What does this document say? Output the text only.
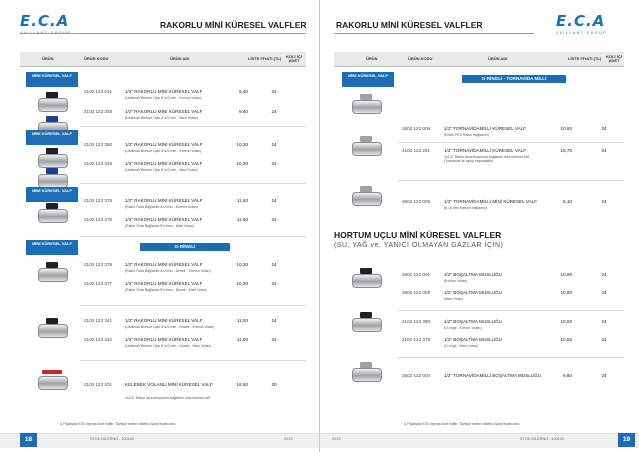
E.C.A	RAKORLU MİNİ KÜRESEL VALFLER
ÜRÜN	ÜRÜN KODU	ÜRÜN ADI	LİSTE FİYATI (TL) KOLİ İÇİ ADET
MİNİ KÜRESEL VALF
2102 122 031	1/2" RAKORLU MİNİ KÜRESEL VALF
(Uzatmalı Bortum Uçlu 8 iz/2 mm - Kırmızı Volan)
9,40	24
2102 122 348	1/2" RAKORLU MİNİ KÜRESEL VALF
(Uzatmalı Bortum Uçlu 8 iz/2 mm - Mavi Volan)
9,40	24
MİNİ KÜRESEL VALF
2102 122 350	1/2" RAKORLU MİNİ KÜRESEL VALF
(Uzatmalı Bortum Uçlu 8 iz/2 mm - Kırmızı Volan)
10,30	24
2102 122 349	1/2" RAKORLU MİNİ KÜRESEL VALF
(Uzatmalı Bortum Uçlu 8 iz/2 mm - Mavi Volan)
10,30	24
MİNİ KÜRESEL VALF
2102 122 376	1/2" RAKORLU MİNİ KÜRESEL VALF
(Rakor Rota Bağlantılı 8 iz/mm - Kırmızı Volan)
11,60	24
2102 122 375	1/2" RAKORLU MİNİ KÜRESEL VALF
(Rakor Rota Bağlantılı 8 iz/mm - Mavi Volan)
11,60	24
MİNİ KÜRESEL VALF
O-RİNGLİ
2102 122 378	1/2" RAKORLU MİNİ KÜRESEL VALF
(Rakor Rota Bağlantılı 8 iz/mm - Dirsek - Kırmızı Volan)
10,30	24
2102 122 377	1/2" RAKORLU MİNİ KÜRESEL VALF
(Rakor Rota Bağlantılı 8 iz/mm - Dirsek - Mavi Volan)
10,30	24
2102 122 341	1/2" RAKORLU MİNİ KÜRESEL VALF
(Uzatmalı Bortum Uçlu 8 iz/2 mm - Dirsek - Kırmızı Volan)
11,00	24
2102 122 342	1/2" RAKORLU MİNİ KÜRESEL VALF
(Uzatmalı Bortum Uçlu 8 iz/2 mm - Dirsek - Mavi Volan)
11,00	24
2102 122 201	KELEBEK VOLANLI MİNİ KÜRESEL VALF
3x1/2" Rakor tava sıkıştırma bağlantılı mini küresel valf
16,60	20
& Fiyatlara KDV ayrıca ilave edilir. Tavsiye edilen tüketici satış fiyatlarıdır.
18	STOK DİLERNO : 100102	2013
RAKORLU MİNİ KÜRESEL VALFLER	E.C.A
VAILLANT GROUP
ÜRÜN	ÜRÜN KODU	ÜRÜN ADI	LİSTE FİYATI (TL) KOLİ İÇİ ADET
MİNİ KÜRESEL VALF
O-RİNGLİ - TORNAVİDA MİLLİ
2602 122 006	1/2" TORNAVİDAMİLLİ KÜRESEL VALF
(Erkek PEX Rakor bağlantılı)
10,60	24
2102 122 261	1/2" TORNAVİDAMİLLİ KÜRESEL VALF
3x1/2" Rakor tava sıkıştırma bağlantılı mini küresel valf (Tornavida ile açılıp kapanabilir)
15,70	24
2602 122 005	1/2" TORNAVİDAMİLLİ MİNİ KÜRESEL VALF
(8 16 mm hortum bağlantılı)
9,10	24
HORTUM UÇLU MİNİ KÜRESEL VALFLER
(SU, YAĞ ve, YANICI OLMAYAN GAZLAR İÇİN)
2602 122 001	1/2" BOŞALTMA MUSLUĞU
(Kırmızı Volan)
10,90	24
2602 122 009	1/2" BOŞALTMA MUSLUĞU
(Mavi Volan)
10,90	24
2102 122 380	1/2" BOŞALTMA MUSLUĞU
(O-ringli - Kırmızı Volan)
10,50	24
2102 122 379	1/2" BOŞALTMA MUSLUĞU
(O-ringli - Mavi Volan)
10,50	24
2602 122 004	1/2" TORNAVİDAMİLLİ BOŞALTMA MUSLUĞU	9,80	24
& Fiyatlara KDV ayrıca ilave edilir. Tavsiye edilen tüketici satış fiyatlarıdır.
2013	STOK DİLERNO : 100102	19
